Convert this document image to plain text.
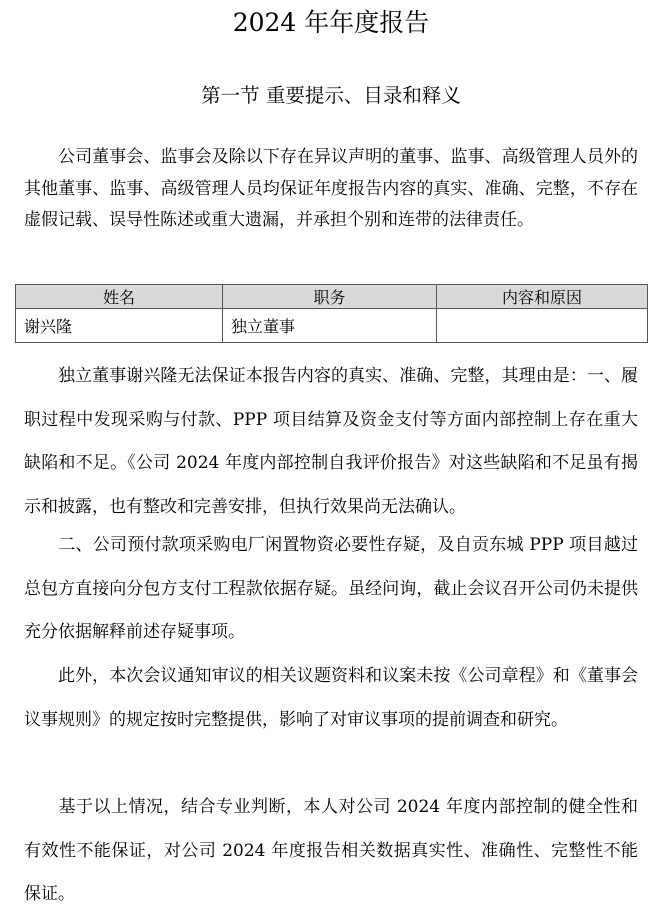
2024 年年度报告
第一节 重要提示、目录和释义

公司董事会、监事会及除以下存在异议声明的董事、监事、高级管理人员外的其他董事、监事、高级管理人员均保证年度报告内容的真实、准确、完整，不存在虚假记载、误导性陈述或重大遗漏，并承担个别和连带的法律责任。

姓名	职务	内容和原因
谢兴隆	独立董事	

独立董事谢兴隆无法保证本报告内容的真实、准确、完整，其理由是：一、履职过程中发现采购与付款、PPP 项目结算及资金支付等方面内部控制上存在重大缺陷和不足。《公司 2024 年度内部控制自我评价报告》对这些缺陷和不足虽有揭示和披露，也有整改和完善安排，但执行效果尚无法确认。

二、公司预付款项采购电厂闲置物资必要性存疑，及自贡东城 PPP 项目越过总包方直接向分包方支付工程款依据存疑。虽经问询，截止会议召开公司仍未提供充分依据解释前述存疑事项。

此外，本次会议通知审议的相关议题资料和议案未按《公司章程》和《董事会议事规则》的规定按时完整提供，影响了对审议事项的提前调查和研究。

基于以上情况，结合专业判断，本人对公司 2024 年度内部控制的健全性和有效性不能保证，对公司 2024 年度报告相关数据真实性、准确性、完整性不能保证。
